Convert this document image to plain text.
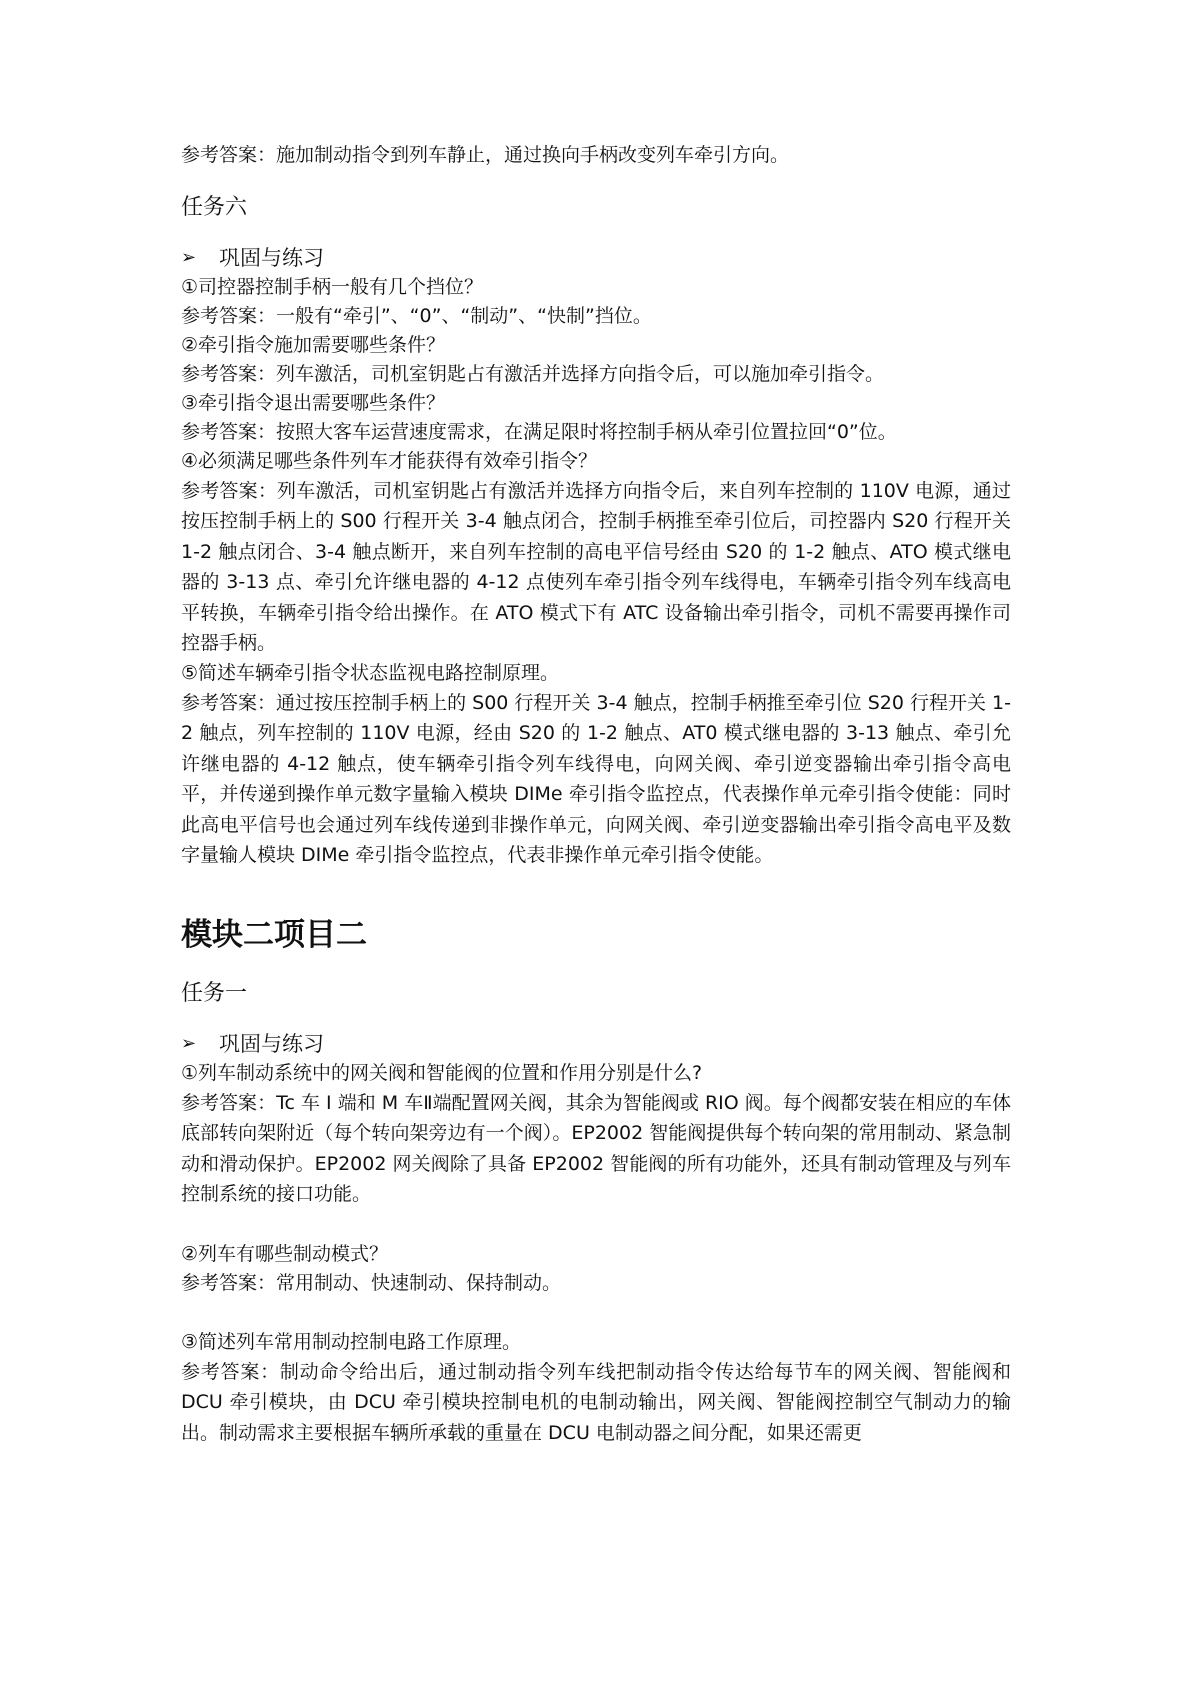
参考答案：施加制动指令到列车静止，通过换向手柄改变列车牵引方向。

任务六
➢	巩固与练习

①司控器控制手柄一般有几个挡位？

参考答案：一般有“牵引”、“0”、“制动”、“快制”挡位。

②牵引指令施加需要哪些条件？

参考答案：列车激活，司机室钥匙占有激活并选择方向指令后，可以施加牵引指令。

③牵引指令退出需要哪些条件？

参考答案：按照大客车运营速度需求，在满足限时将控制手柄从牵引位置拉回“0”位。

④必须满足哪些条件列车才能获得有效牵引指令？

参考答案：列车激活，司机室钥匙占有激活并选择方向指令后，来自列车控制的 110V 电源，通过按压控制手柄上的 S00 行程开关 3-4 触点闭合，控制手柄推至牵引位后，司控器内 S20 行程开关 1-2 触点闭合、3-4 触点断开，来自列车控制的高电平信号经由 S20 的 1-2 触点、ATO 模式继电器的 3-13 点、牵引允许继电器的 4-12 点使列车牵引指令列车线得电，车辆牵引指令列车线高电平转换，车辆牵引指令给出操作。在 ATO 模式下有 ATC 设备输出牵引指令，司机不需要再操作司控器手柄。

⑤简述车辆牵引指令状态监视电路控制原理。

参考答案：通过按压控制手柄上的 S00 行程开关 3-4 触点，控制手柄推至牵引位 S20 行程开关 1-2 触点，列车控制的 110V 电源，经由 S20 的 1-2 触点、AT0 模式继电器的 3-13 触点、牵引允许继电器的 4-12 触点，使车辆牵引指令列车线得电，向网关阀、牵引逆变器输出牵引指令高电平，并传递到操作单元数字量输入模块 DIMe 牵引指令监控点，代表操作单元牵引指令使能：同时此高电平信号也会通过列车线传递到非操作单元，向网关阀、牵引逆变器输出牵引指令高电平及数字量输人模块 DIMe 牵引指令监控点，代表非操作单元牵引指令使能。

模块二项目二
任务一
➢	巩固与练习

①列车制动系统中的网关阀和智能阀的位置和作用分别是什么?

参考答案：Tc 车 I 端和 M 车Ⅱ端配置网关阀，其余为智能阀或 RIO 阀。每个阀都安装在相应的车体底部转向架附近（每个转向架旁边有一个阀）。EP2002 智能阀提供每个转向架的常用制动、紧急制动和滑动保护。EP2002 网关阀除了具备 EP2002 智能阀的所有功能外，还具有制动管理及与列车控制系统的接口功能。

②列车有哪些制动模式？

参考答案：常用制动、快速制动、保持制动。

③简述列车常用制动控制电路工作原理。

参考答案：制动命令给出后，通过制动指令列车线把制动指令传达给每节车的网关阀、智能阀和 DCU 牵引模块，由 DCU 牵引模块控制电机的电制动输出，网关阀、智能阀控制空气制动力的输出。制动需求主要根据车辆所承载的重量在 DCU 电制动器之间分配，如果还需更
